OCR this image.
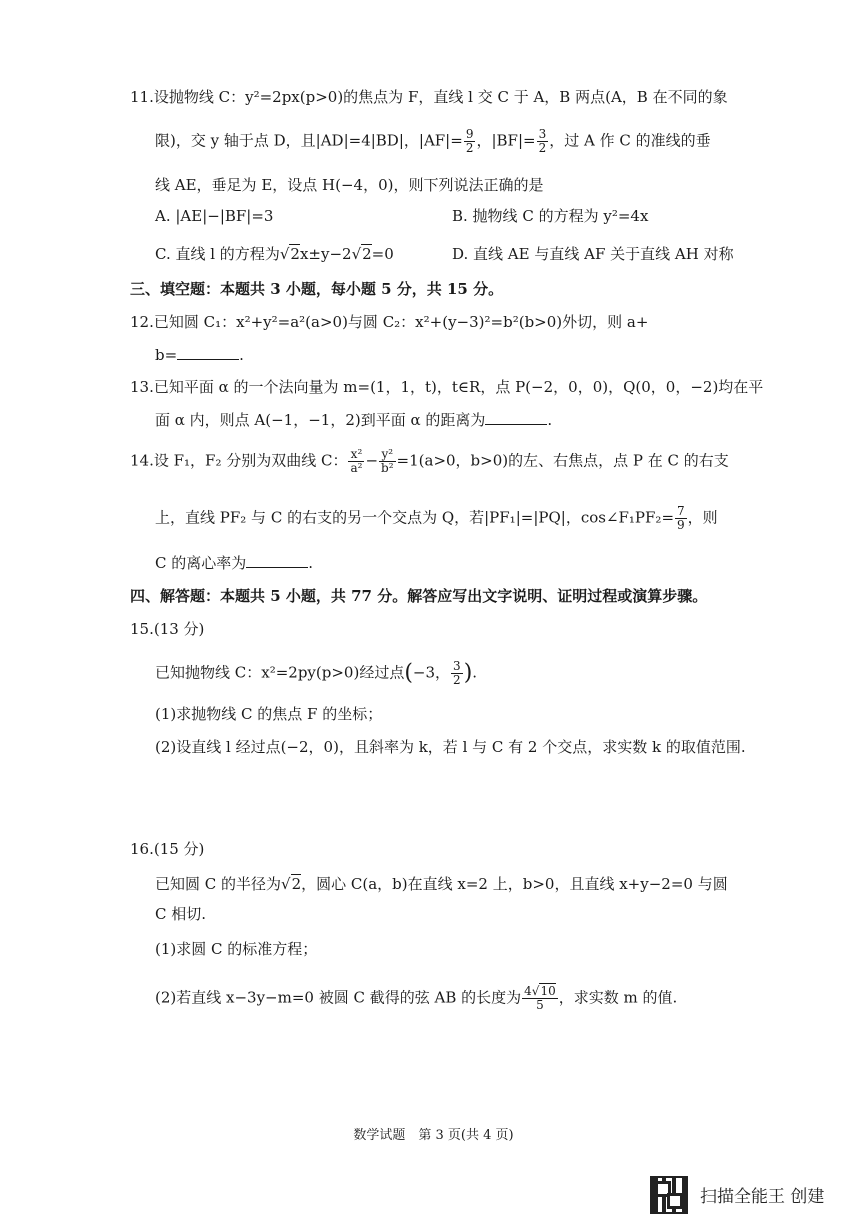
11.设抛物线 C：y²=2px(p>0)的焦点为 F，直线 l 交 C 于 A，B 两点(A，B 在不同的象
限)，交 y 轴于点 D，且|AD|=4|BD|，$|AF|= \frac{9}{2}$ ，$|BF|= \frac{3}{2}$ ，过 A 作 C 的准线的垂
线 AE，垂足为 E，设点 H(−4，0)，则下列说法正确的是
A. |AE|−|BF|=3	B. 抛物线 C 的方程为 y²=4x
C. 直线 l 的方程为√2x±y−2√2=0	D. 直线 AE 与直线 AF 关于直线 AH 对称
三、填空题：本题共 3 小题，每小题 5 分，共 15 分。
12.已知圆 C₁：x²+y²=a²(a>0)与圆 C₂：x²+(y−3)²=b²(b>0)外切，则 a+
b=	.
13.已知平面 α 的一个法向量为 m=(1，1，t)，t∈R，点 P(−2，0，0)，Q(0，0，−2)均在平
面 α 内，则点 A(−1，−1，2)到平面 α 的距离为	.
14.设 F₁，F₂ 分别为双曲线 C： $\frac{\text{x²}}{\text{a²}} - \frac{\text{y²}}{\text{b²}} =1(a>0$，b>0)的左、右焦点，点 P 在 C 的右支
上，直线 PF₂ 与 C 的右支的另一个交点为 Q，若|PF₁|=|PQ|，cos∠F₁PF₂= $\frac{7}{9}$ ，则
C 的离心率为	.
四、解答题：本题共 5 小题，共 77 分。解答应写出文字说明、证明过程或演算步骤。
15.(13 分)
已知抛物线 C：x²=2py(p>0)经过点(−3， $\frac{3}{2}$ ).
(1)求抛物线 C 的焦点 F 的坐标；
(2)设直线 l 经过点(−2，0)，且斜率为 k，若 l 与 C 有 2 个交点，求实数 k 的取值范围.
16.(15 分)
已知圆 C 的半径为√2，圆心 C(a，b)在直线 x=2 上，b>0，且直线 x+y−2=0 与圆
C 相切.
(1)求圆 C 的标准方程；
(2)若直线 x−3y−m=0 被圆 C 截得的弦 AB 的长度为 $\frac{4√10}{5}$ ，求实数 m 的值.
数学试题　第 3 页(共 4 页)
扫描全能王 创建
